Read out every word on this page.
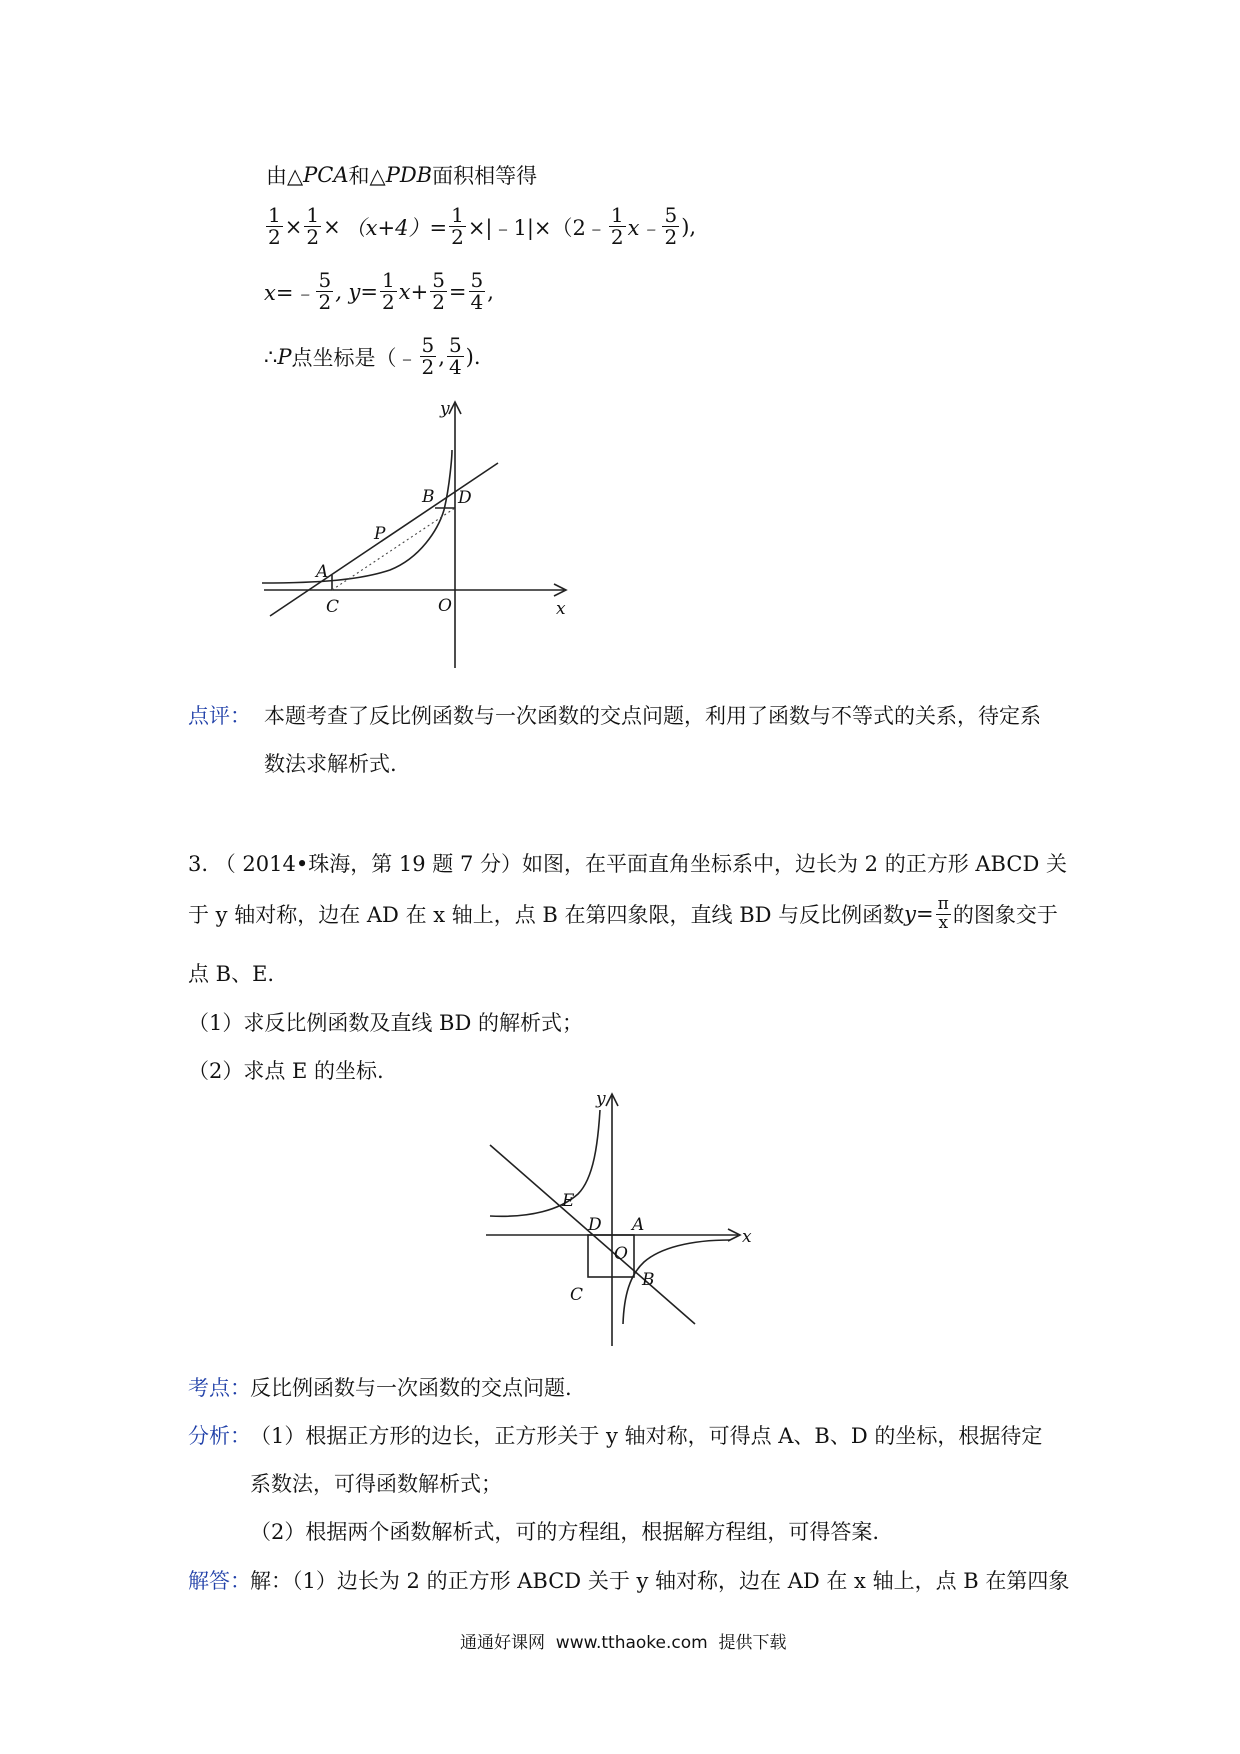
由△ PCA 和△ PDB 面积相等得
$\frac{1}{2} \times \frac{1}{2} \times (x+4)= \frac{1}{2}$ ×|﹣1|×（2﹣ $\frac{1}{2}$ x﹣ $\frac{5}{2}$ ),
x=﹣ $\frac{5}{2}$ , $y= \frac{1}{2} x+ \frac{5}{2} = \frac{5}{4}$ ,
∴ P 点坐标是（﹣ $\frac{5}{2}$ , $\frac{5}{4}$ ).
y
x
B D
P
A
C	O
点评： 本题考查了反比例函数与一次函数的交点问题，利用了函数与不等式的关系，待定系
数法求解析式.
3. （ 2014•珠海，第 19 题 7 分）如图，在平面直角坐标系中，边长为 2 的正方形 ABCD 关
于 y 轴对称，边在 AD 在 x 轴上，点 B 在第四象限，直线 BD 与反比例函数 $y= \frac{\pi}{x}$ 的图象交于
点 B、E.
（1）求反比例函数及直线 BD 的解析式；
（2）求点 E 的坐标.
y
x
E
D A
O
C
B
考点： 反比例函数与一次函数的交点问题.
分析： （1）根据正方形的边长，正方形关于 y 轴对称，可得点 A、B、D 的坐标，根据待定
系数法，可得函数解析式；
（2）根据两个函数解析式，可的方程组，根据解方程组，可得答案.
解答： 解：（1）边长为 2 的正方形 ABCD 关于 y 轴对称，边在 AD 在 x 轴上，点 B 在第四象
通通好课网  www.tthaoke.com  提供下载
